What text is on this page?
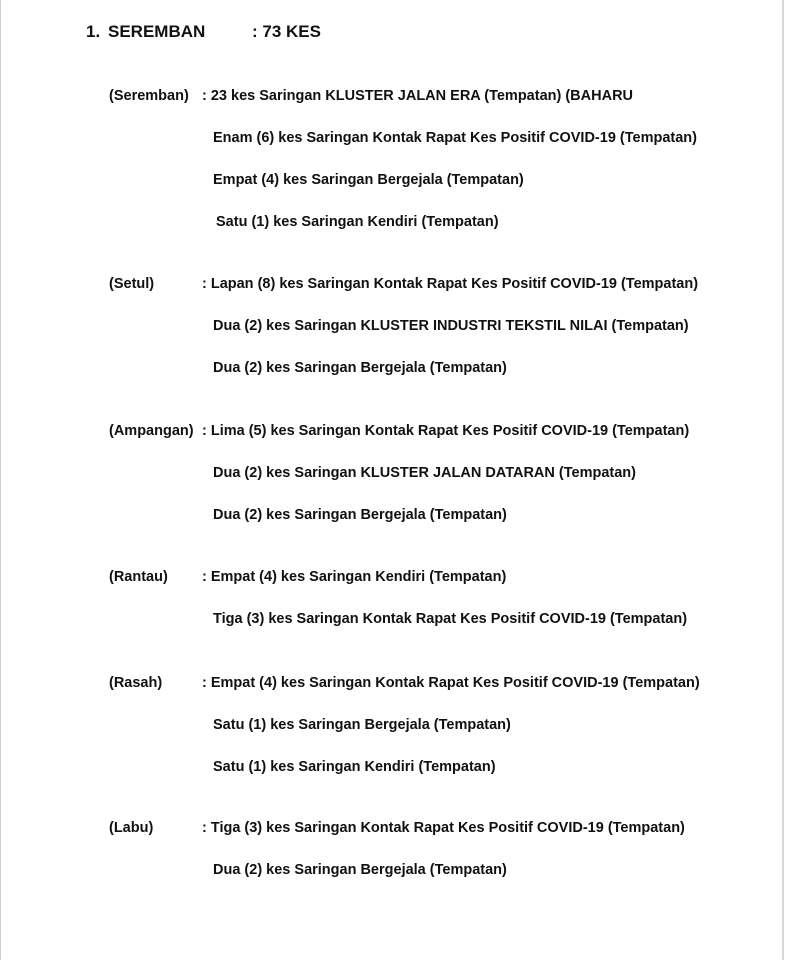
1. SEREMBAN	: 73 KES
(Seremban) : 23 kes Saringan KLUSTER JALAN ERA (Tempatan) (BAHARU
Enam (6) kes Saringan Kontak Rapat Kes Positif COVID-19 (Tempatan)
Empat (4) kes Saringan Bergejala (Tempatan)
Satu (1) kes Saringan Kendiri (Tempatan)
(Setul)	: Lapan (8) kes Saringan Kontak Rapat Kes Positif COVID-19 (Tempatan)
Dua (2) kes Saringan KLUSTER INDUSTRI TEKSTIL NILAI (Tempatan)
Dua (2) kes Saringan Bergejala (Tempatan)
(Ampangan) : Lima (5) kes Saringan Kontak Rapat Kes Positif COVID-19 (Tempatan)
Dua (2) kes Saringan KLUSTER JALAN DATARAN (Tempatan)
Dua (2) kes Saringan Bergejala (Tempatan)
(Rantau) : Empat (4) kes Saringan Kendiri (Tempatan)
Tiga (3) kes Saringan Kontak Rapat Kes Positif COVID-19 (Tempatan)
(Rasah)	: Empat (4) kes Saringan Kontak Rapat Kes Positif COVID-19 (Tempatan)
Satu (1) kes Saringan Bergejala (Tempatan)
Satu (1) kes Saringan Kendiri (Tempatan)
(Labu)	: Tiga (3) kes Saringan Kontak Rapat Kes Positif COVID-19 (Tempatan)
Dua (2) kes Saringan Bergejala (Tempatan)
